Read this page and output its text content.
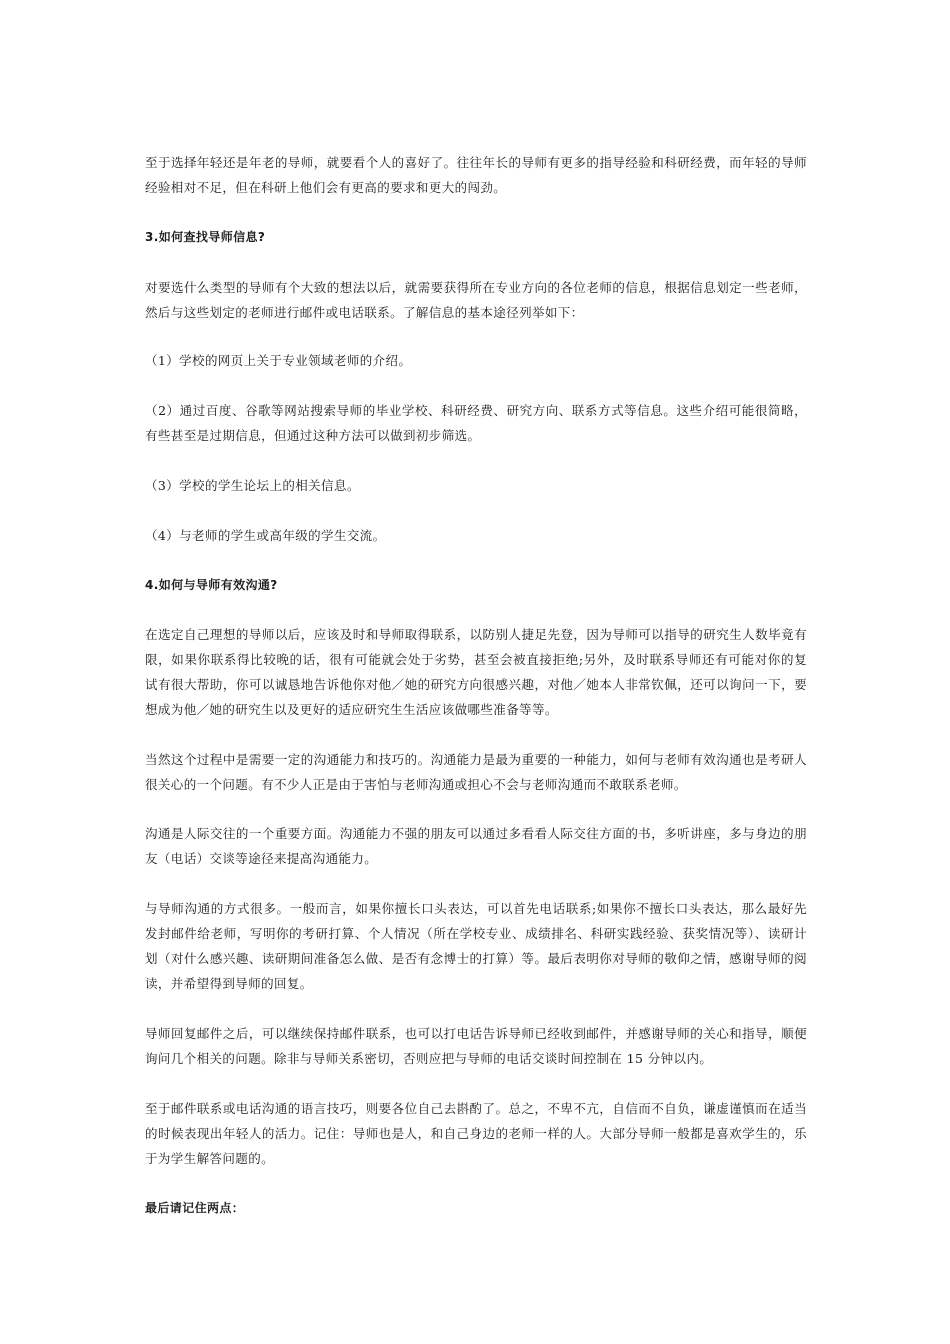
至于选择年轻还是年老的导师，就要看个人的喜好了。往往年长的导师有更多的指导经验和科研经费，而年轻的导师经验相对不足，但在科研上他们会有更高的要求和更大的闯劲。

3.如何查找导师信息?

对要选什么类型的导师有个大致的想法以后，就需要获得所在专业方向的各位老师的信息，根据信息划定一些老师，然后与这些划定的老师进行邮件或电话联系。了解信息的基本途径列举如下：

（1）学校的网页上关于专业领域老师的介绍。

（2）通过百度、谷歌等网站搜索导师的毕业学校、科研经费、研究方向、联系方式等信息。这些介绍可能很简略，有些甚至是过期信息，但通过这种方法可以做到初步筛选。

（3）学校的学生论坛上的相关信息。

（4）与老师的学生或高年级的学生交流。

4.如何与导师有效沟通?

在选定自己理想的导师以后，应该及时和导师取得联系，以防别人捷足先登，因为导师可以指导的研究生人数毕竟有限，如果你联系得比较晚的话，很有可能就会处于劣势，甚至会被直接拒绝;另外，及时联系导师还有可能对你的复试有很大帮助，你可以诚恳地告诉他你对他／她的研究方向很感兴趣，对他／她本人非常钦佩，还可以询问一下，要想成为他／她的研究生以及更好的适应研究生生活应该做哪些准备等等。

当然这个过程中是需要一定的沟通能力和技巧的。沟通能力是最为重要的一种能力，如何与老师有效沟通也是考研人很关心的一个问题。有不少人正是由于害怕与老师沟通或担心不会与老师沟通而不敢联系老师。

沟通是人际交往的一个重要方面。沟通能力不强的朋友可以通过多看看人际交往方面的书，多听讲座，多与身边的朋友（电话）交谈等途径来提高沟通能力。

与导师沟通的方式很多。一般而言，如果你擅长口头表达，可以首先电话联系;如果你不擅长口头表达，那么最好先发封邮件给老师，写明你的考研打算、个人情况（所在学校专业、成绩排名、科研实践经验、获奖情况等）、读研计划（对什么感兴趣、读研期间准备怎么做、是否有念博士的打算）等。最后表明你对导师的敬仰之情，感谢导师的阅读，并希望得到导师的回复。

导师回复邮件之后，可以继续保持邮件联系，也可以打电话告诉导师已经收到邮件，并感谢导师的关心和指导，顺便询问几个相关的问题。除非与导师关系密切，否则应把与导师的电话交谈时间控制在 15 分钟以内。

至于邮件联系或电话沟通的语言技巧，则要各位自己去斟酌了。总之，不卑不亢，自信而不自负，谦虚谨慎而在适当的时候表现出年轻人的活力。记住：导师也是人，和自己身边的老师一样的人。大部分导师一般都是喜欢学生的，乐于为学生解答问题的。

最后请记住两点：
